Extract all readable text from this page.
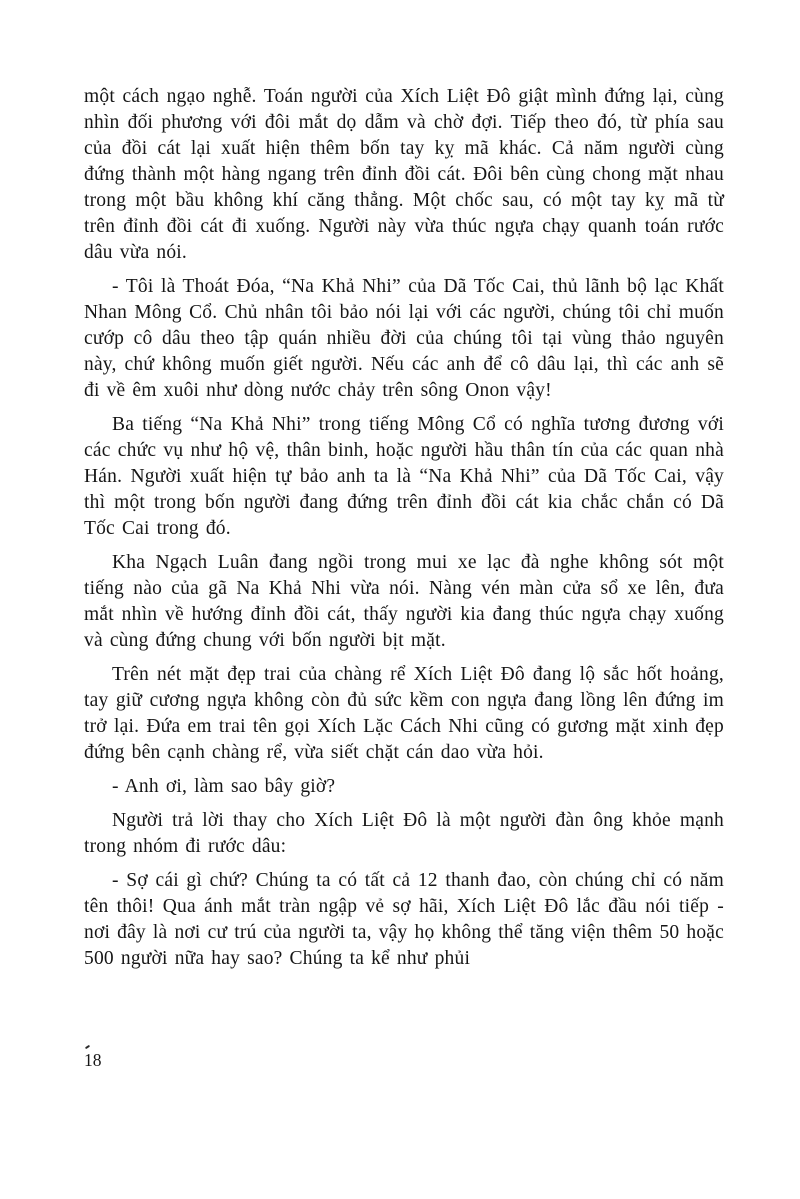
một cách ngạo nghễ. Toán người của Xích Liệt Đô giật mình đứng lại, cùng nhìn đối phương với đôi mắt dọ dẫm và chờ đợi. Tiếp theo đó, từ phía sau của đồi cát lại xuất hiện thêm bốn tay kỵ mã khác. Cả năm người cùng đứng thành một hàng ngang trên đỉnh đồi cát. Đôi bên cùng chong mặt nhau trong một bầu không khí căng thẳng. Một chốc sau, có một tay kỵ mã từ trên đỉnh đồi cát đi xuống. Người này vừa thúc ngựa chạy quanh toán rước dâu vừa nói.

- Tôi là Thoát Đóa, “Na Khả Nhi” của Dã Tốc Cai, thủ lãnh bộ lạc Khất Nhan Mông Cổ. Chủ nhân tôi bảo nói lại với các người, chúng tôi chỉ muốn cướp cô dâu theo tập quán nhiều đời của chúng tôi tại vùng thảo nguyên này, chứ không muốn giết người. Nếu các anh để cô dâu lại, thì các anh sẽ đi về êm xuôi như dòng nước chảy trên sông Onon vậy!

Ba tiếng “Na Khả Nhi” trong tiếng Mông Cổ có nghĩa tương đương với các chức vụ như hộ vệ, thân binh, hoặc người hầu thân tín của các quan nhà Hán. Người xuất hiện tự bảo anh ta là “Na Khả Nhi” của Dã Tốc Cai, vậy thì một trong bốn người đang đứng trên đỉnh đồi cát kia chắc chắn có Dã Tốc Cai trong đó.

Kha Ngạch Luân đang ngồi trong mui xe lạc đà nghe không sót một tiếng nào của gã Na Khả Nhi vừa nói. Nàng vén màn cửa sổ xe lên, đưa mắt nhìn về hướng đỉnh đồi cát, thấy người kia đang thúc ngựa chạy xuống và cùng đứng chung với bốn người bịt mặt.

Trên nét mặt đẹp trai của chàng rể Xích Liệt Đô đang lộ sắc hốt hoảng, tay giữ cương ngựa không còn đủ sức kềm con ngựa đang lồng lên đứng im trở lại. Đứa em trai tên gọi Xích Lặc Cách Nhi cũng có gương mặt xinh đẹp đứng bên cạnh chàng rể, vừa siết chặt cán dao vừa hỏi.

- Anh ơi, làm sao bây giờ?

Người trả lời thay cho Xích Liệt Đô là một người đàn ông khỏe mạnh trong nhóm đi rước dâu:

- Sợ cái gì chứ? Chúng ta có tất cả 12 thanh đao, còn chúng chỉ có năm tên thôi! Qua ánh mắt tràn ngập vẻ sợ hãi, Xích Liệt Đô lắc đầu nói tiếp - nơi đây là nơi cư trú của người ta, vậy họ không thể tăng viện thêm 50 hoặc 500 người nữa hay sao? Chúng ta kể như phủi

18
